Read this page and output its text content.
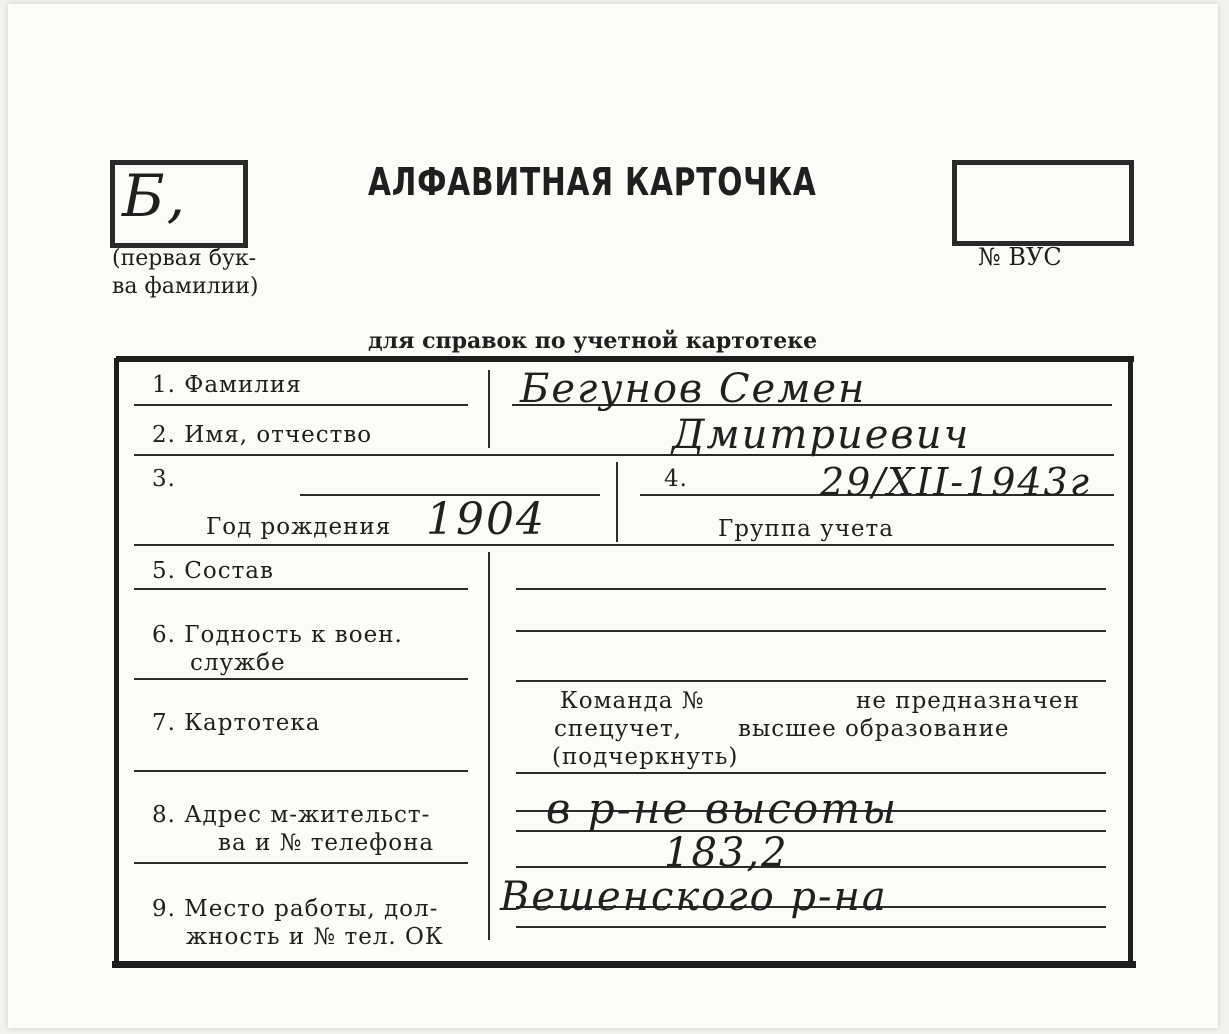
Б,
(первая бук-
ва фамилии)
АЛФАВИТНАЯ КАРТОЧКА
№ ВУС
для справок по учетной картотеке
1. Фамилия
2. Имя, отчество
3.
Год рождения
4.
Группа учета
5. Состав
6. Годность к воен.
службе
7. Картотека
8. Адрес м-жительст-
ва и № телефона
9. Место работы, дол-
жность и № тел. ОК
Команда №	не предназначен
спецучет, высшее образование
(подчеркнуть)
Бегунов Семен
Дмитриевич
1904
29/XII-1943г
в р-не высоты
183,2
Вешенского р-на
